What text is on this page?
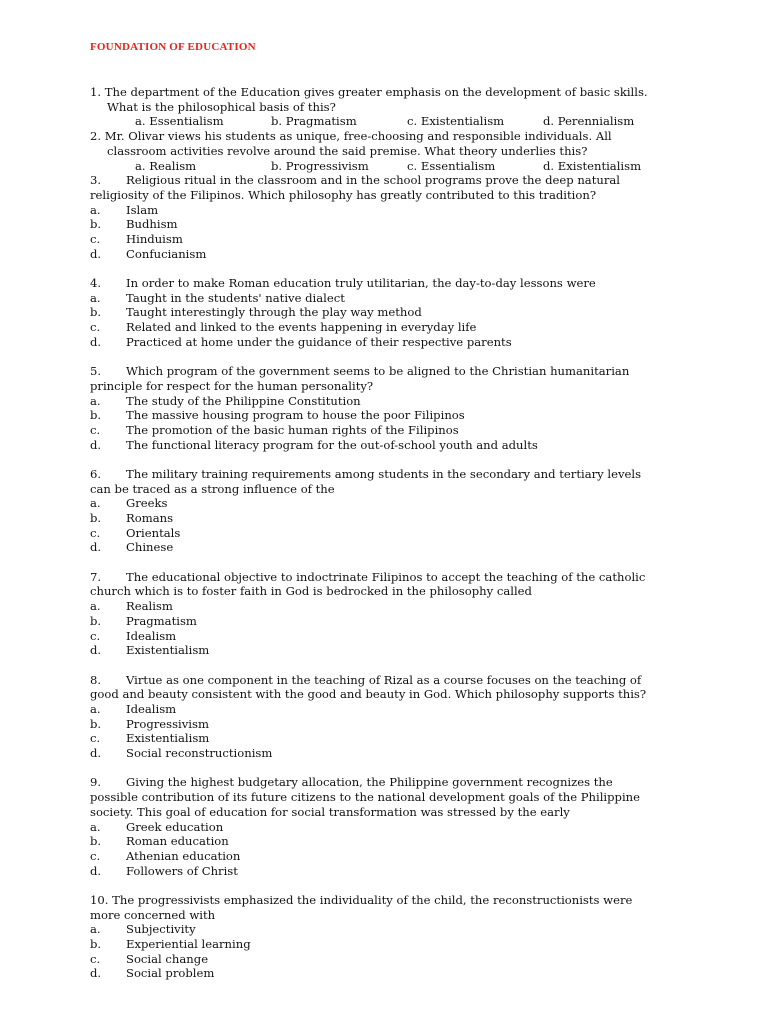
FOUNDATION OF EDUCATION
1. The department of the Education gives greater emphasis on the development of basic skills.
What is the philosophical basis of this?
a. Essentialism	b. Pragmatism	c. Existentialism	d. Perennialism
2. Mr. Olivar views his students as unique, free-choosing and responsible individuals. All
classroom activities revolve around the said premise. What theory underlies this?
a. Realism	b. Progressivism	c. Essentialism	d. Existentialism
3. Religious ritual in the classroom and in the school programs prove the deep natural
religiosity of the Filipinos. Which philosophy has greatly contributed to this tradition?
a. Islam
b. Budhism
c. Hinduism
d. Confucianism
4. In order to make Roman education truly utilitarian, the day-to-day lessons were
a. Taught in the students' native dialect
b. Taught interestingly through the play way method
c. Related and linked to the events happening in everyday life
d. Practiced at home under the guidance of their respective parents
5. Which program of the government seems to be aligned to the Christian humanitarian
principle for respect for the human personality?
a. The study of the Philippine Constitution
b. The massive housing program to house the poor Filipinos
c. The promotion of the basic human rights of the Filipinos
d. The functional literacy program for the out-of-school youth and adults
6. The military training requirements among students in the secondary and tertiary levels
can be traced as a strong influence of the
a. Greeks
b. Romans
c. Orientals
d. Chinese
7. The educational objective to indoctrinate Filipinos to accept the teaching of the catholic
church which is to foster faith in God is bedrocked in the philosophy called
a. Realism
b. Pragmatism
c. Idealism
d. Existentialism
8. Virtue as one component in the teaching of Rizal as a course focuses on the teaching of
good and beauty consistent with the good and beauty in God. Which philosophy supports this?
a. Idealism
b. Progressivism
c. Existentialism
d. Social reconstructionism
9. Giving the highest budgetary allocation, the Philippine government recognizes the
possible contribution of its future citizens to the national development goals of the Philippine
society. This goal of education for social transformation was stressed by the early
a. Greek education
b. Roman education
c. Athenian education
d. Followers of Christ
10. The progressivists emphasized the individuality of the child, the reconstructionists were
more concerned with
a. Subjectivity
b. Experiential learning
c. Social change
d. Social problem
